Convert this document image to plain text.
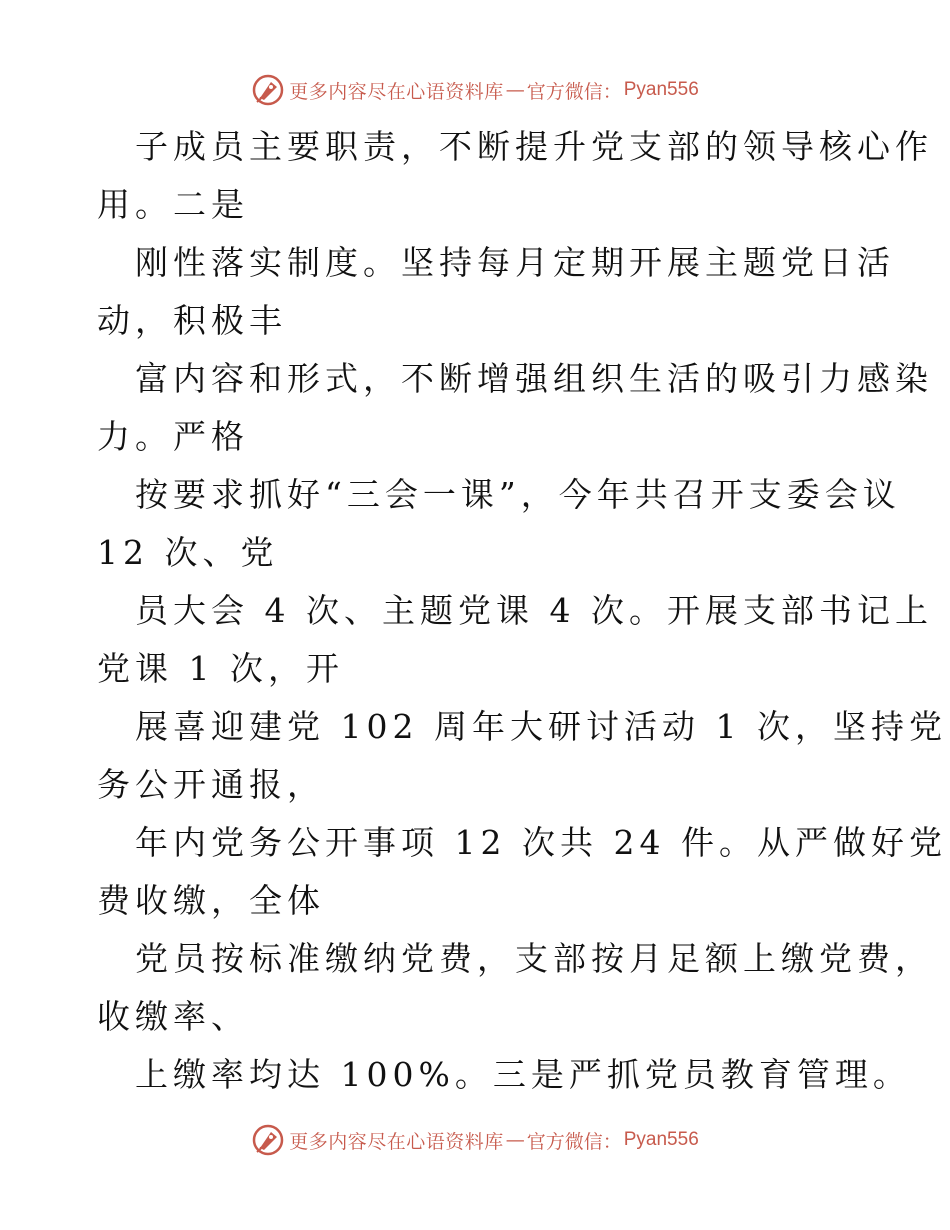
更多内容尽在心语资料库 — 官方微信： Pyan556
子成员主要职责，不断提升党支部的领导核心作
用。二是
刚性落实制度。坚持每月定期开展主题党日活
动，积极丰
富内容和形式，不断增强组织生活的吸引力感染
力。严格
按要求抓好“三会一课”，今年共召开支委会议
12 次、党
员大会 4 次、主题党课 4 次。开展支部书记上
党课 1 次，开
展喜迎建党 102 周年大研讨活动 1 次，坚持党
务公开通报，
年内党务公开事项 12 次共 24 件。从严做好党
费收缴，全体
党员按标准缴纳党费，支部按月足额上缴党费，
收缴率、
上缴率均达 100%。三是严抓党员教育管理。
更多内容尽在心语资料库 — 官方微信： Pyan556
